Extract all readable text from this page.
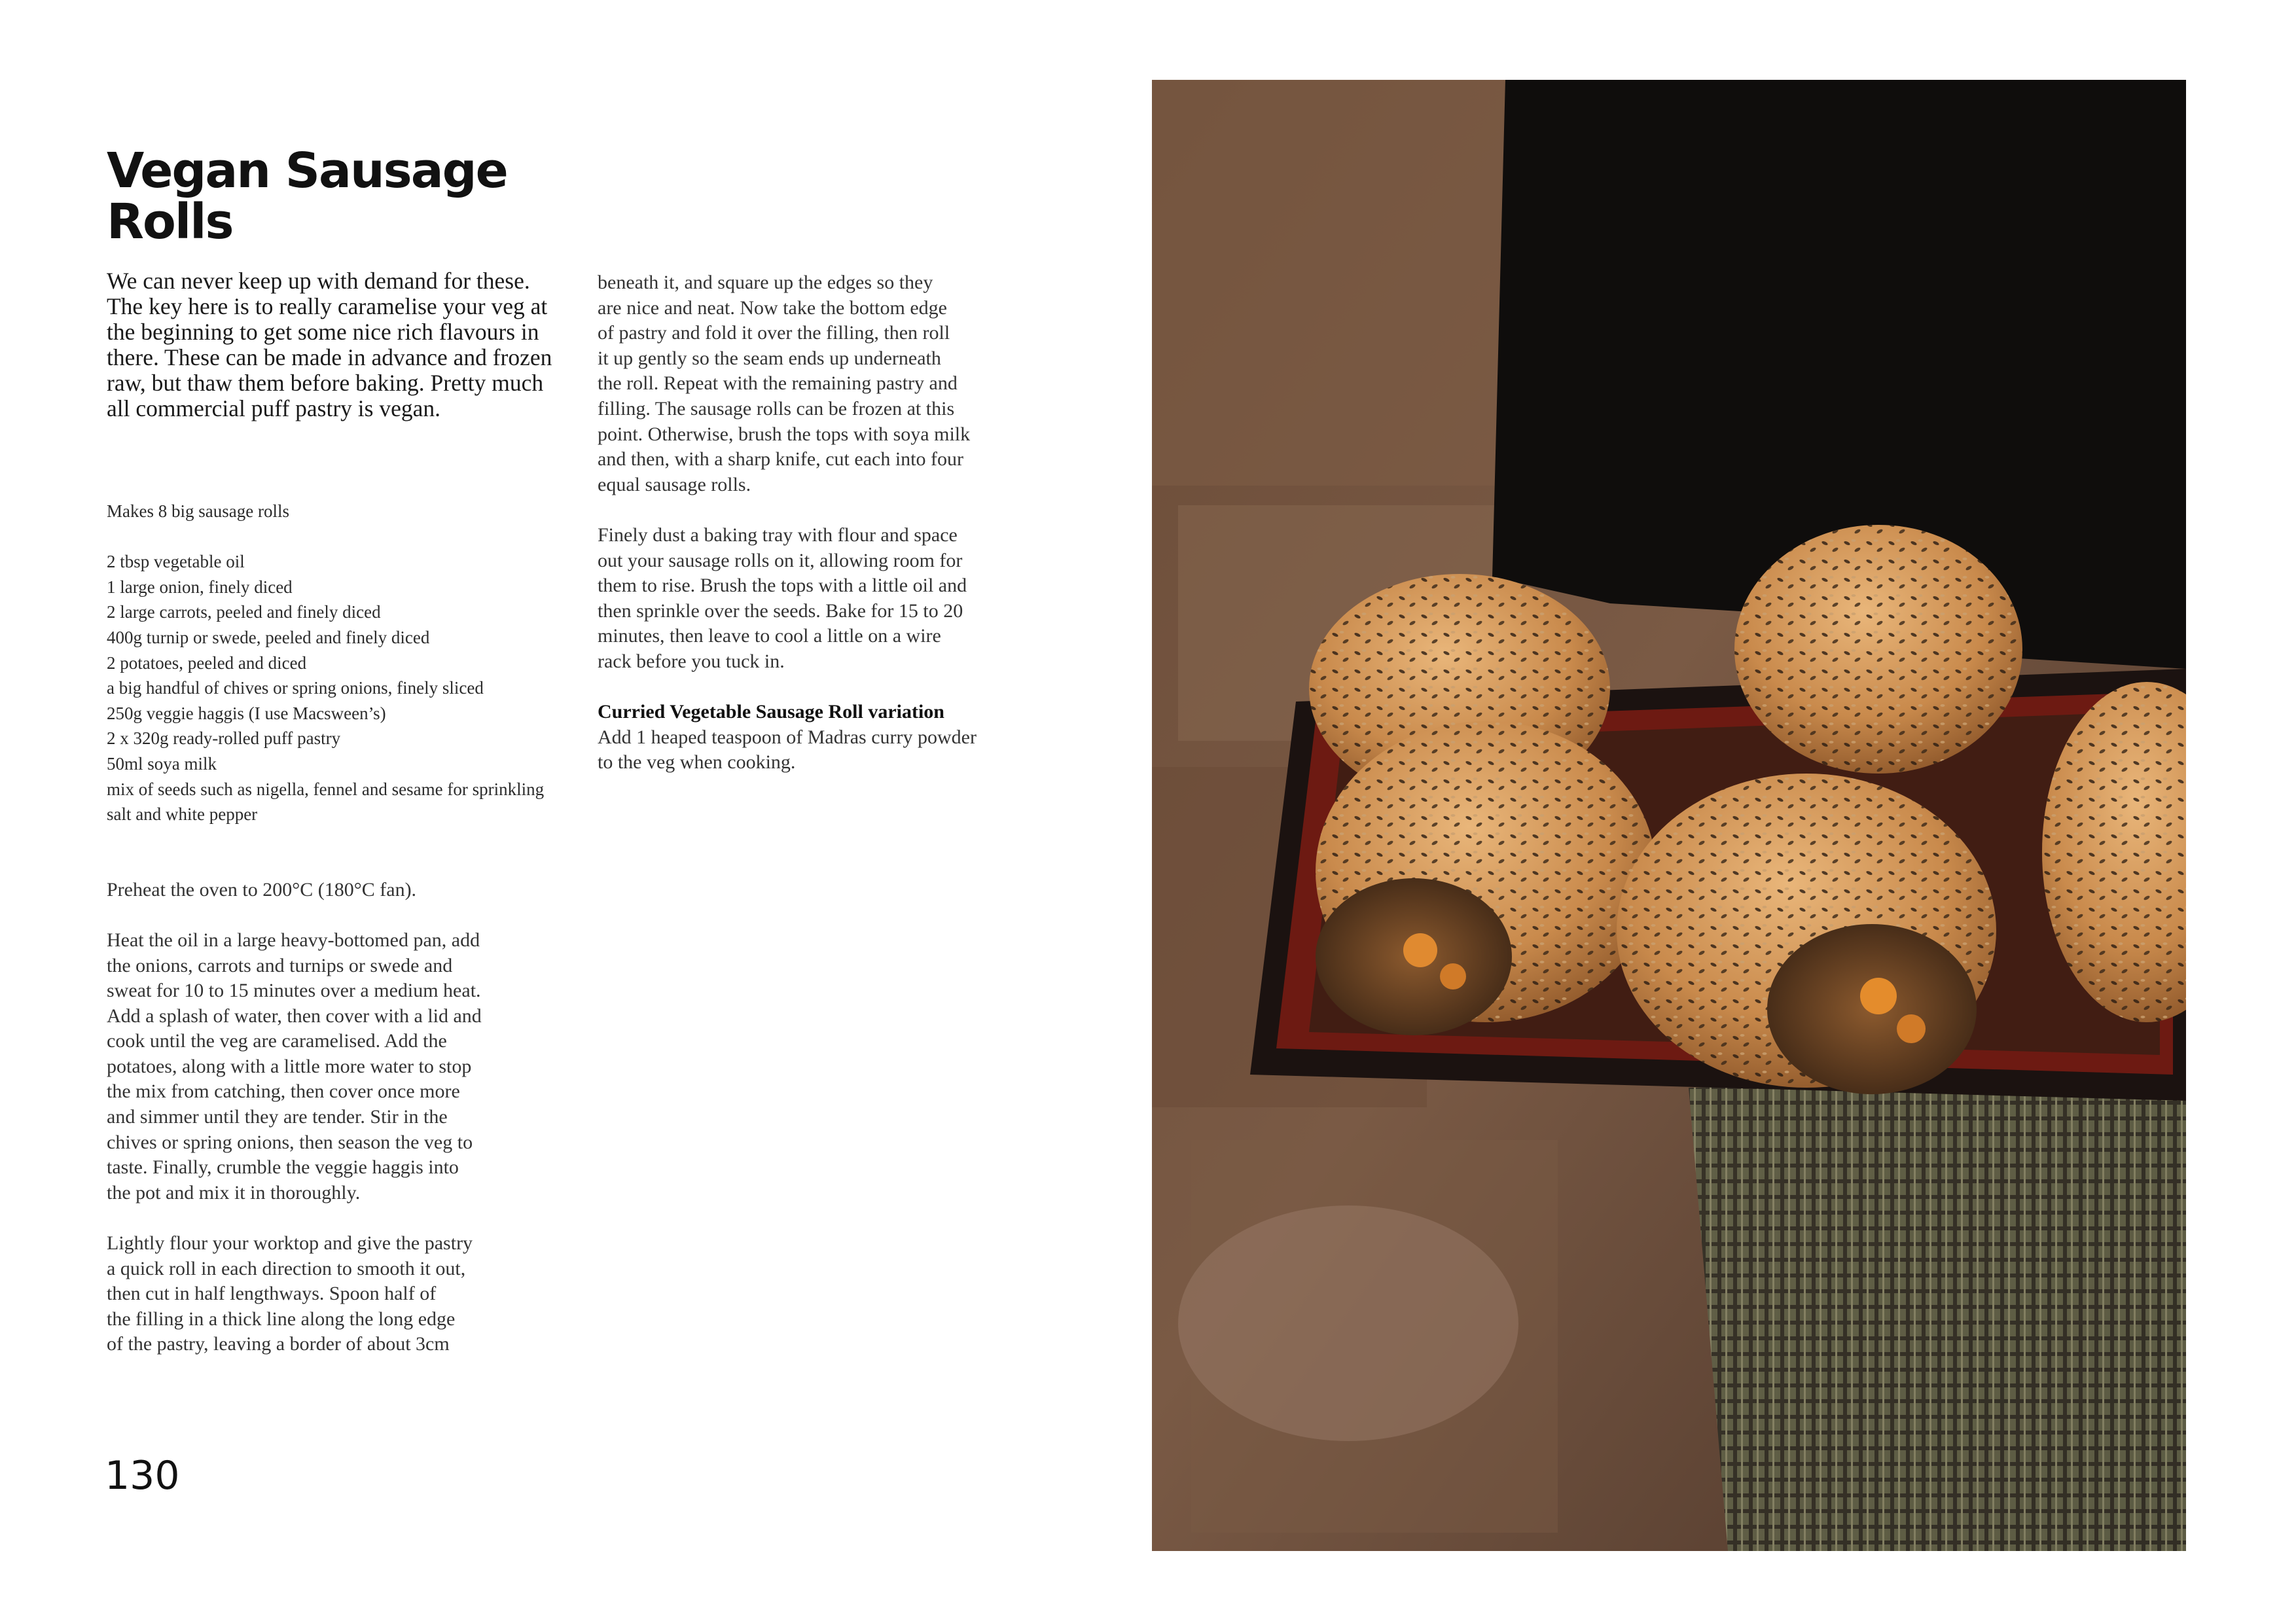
Vegan Sausage
Rolls

We can never keep up with demand for these. The key here is to really caramelise your veg at the beginning to get some nice rich flavours in there. These can be made in advance and frozen raw, but thaw them before baking. Pretty much all commercial puff pastry is vegan.

Makes 8 big sausage rolls

2 tbsp vegetable oil
1 large onion, finely diced
2 large carrots, peeled and finely diced
400g turnip or swede, peeled and finely diced
2 potatoes, peeled and diced
a big handful of chives or spring onions, finely sliced
250g veggie haggis (I use Macsween’s)
2 x 320g ready-rolled puff pastry
50ml soya milk
mix of seeds such as nigella, fennel and sesame for sprinkling
salt and white pepper

Preheat the oven to 200°C (180°C fan).

Heat the oil in a large heavy-bottomed pan, add
the onions, carrots and turnips or swede and
sweat for 10 to 15 minutes over a medium heat.
Add a splash of water, then cover with a lid and
cook until the veg are caramelised. Add the
potatoes, along with a little more water to stop
the mix from catching, then cover once more
and simmer until they are tender. Stir in the
chives or spring onions, then season the veg to
taste. Finally, crumble the veggie haggis into
the pot and mix it in thoroughly.

Lightly flour your worktop and give the pastry
a quick roll in each direction to smooth it out,
then cut in half lengthways. Spoon half of
the filling in a thick line along the long edge
of the pastry, leaving a border of about 3cm

beneath it, and square up the edges so they
are nice and neat. Now take the bottom edge
of pastry and fold it over the filling, then roll
it up gently so the seam ends up underneath
the roll. Repeat with the remaining pastry and
filling. The sausage rolls can be frozen at this
point. Otherwise, brush the tops with soya milk
and then, with a sharp knife, cut each into four
equal sausage rolls.

Finely dust a baking tray with flour and space
out your sausage rolls on it, allowing room for
them to rise. Brush the tops with a little oil and
then sprinkle over the seeds. Bake for 15 to 20
minutes, then leave to cool a little on a wire
rack before you tuck in.

Curried Vegetable Sausage Roll variation
Add 1 heaped teaspoon of Madras curry powder
to the veg when cooking.

130
